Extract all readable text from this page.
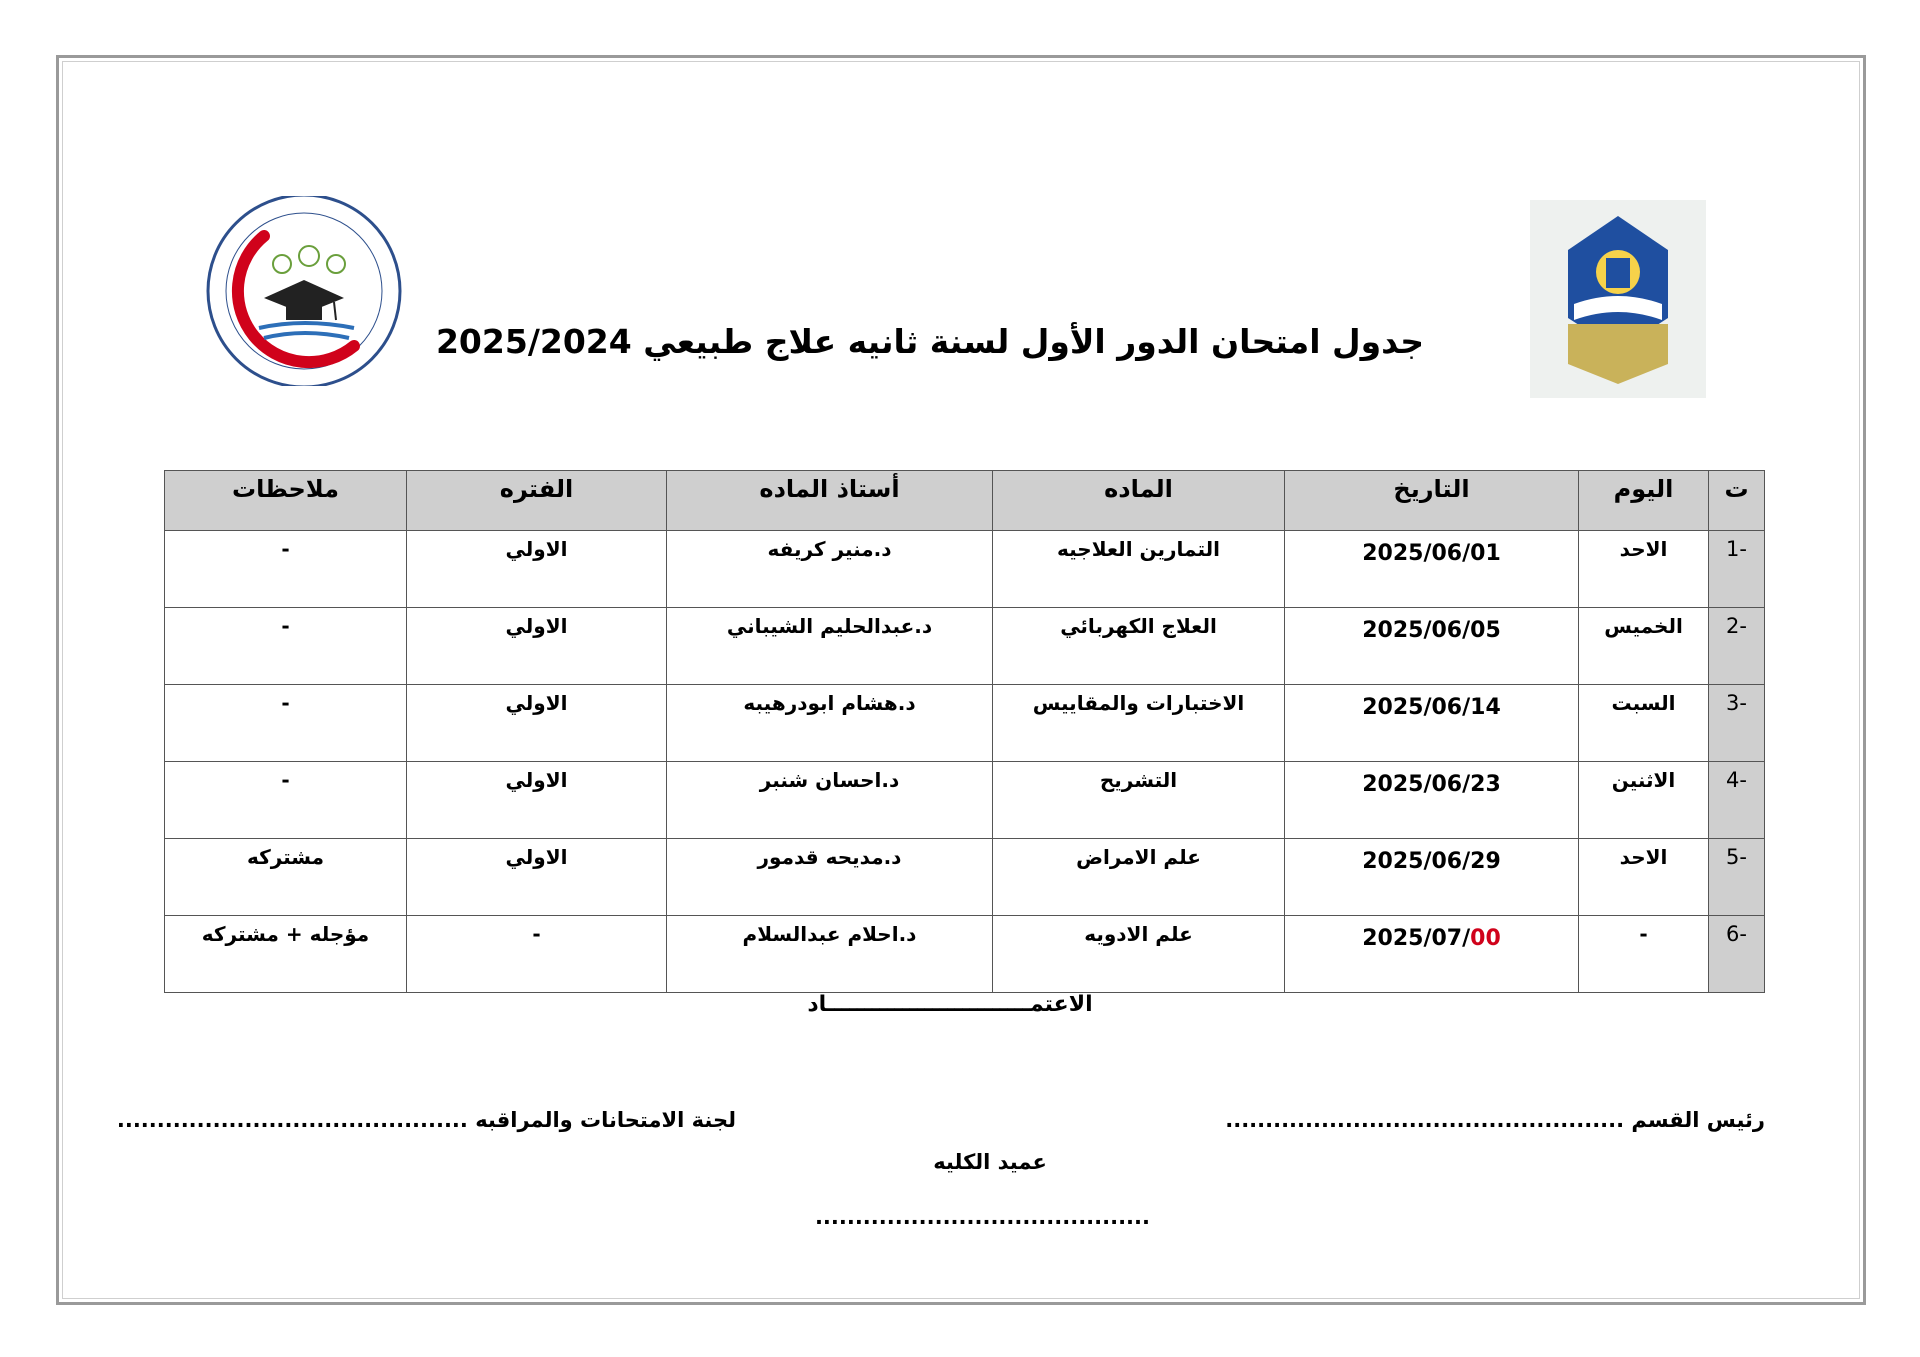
جدول امتحان الدور الأول لسنة ثانيه علاج طبيعي 2025/2024
ت	اليوم	التاريخ	الماده	أستاذ الماده	الفتره	ملاحظات
-1	الاحد	2025/06/01	التمارين العلاجيه	د.منير كريفه	الاولي	-
-2	الخميس	2025/06/05	العلاج الكهربائي	د.عبدالحليم الشيباني	الاولي	-
-3	السبت	2025/06/14	الاختبارات والمقاييس	د.هشام ابودرهيبه	الاولي	-
-4	الاثنين	2025/06/23	التشريح	د.احسان شنبر	الاولي	-
-5	الاحد	2025/06/29	علم الامراض	د.مديحه قدمور	الاولي	مشتركه
-6	-	2025/07/00	علم الادويه	د.احلام عبدالسلام	-	مؤجله + مشتركه
الاعتمـــــــــــــــــــــــــــاد
رئيس القسم ..................................................
لجنة الامتحانات والمراقبه ............................................
عميد الكليه
..........................................
